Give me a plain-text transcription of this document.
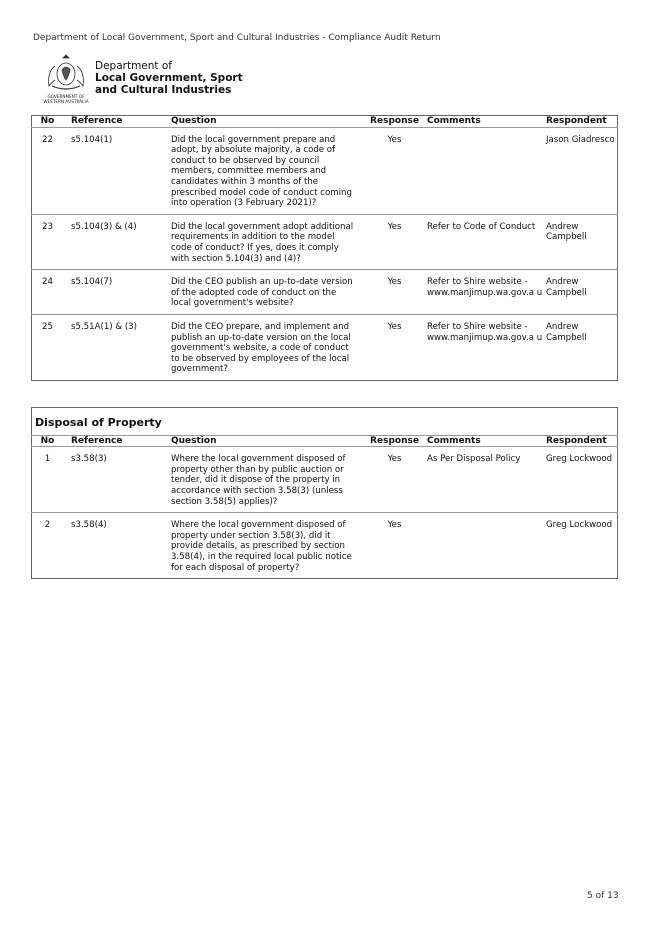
Department of Local Government, Sport and Cultural Industries - Compliance Audit Return
GOVERNMENT OF
WESTERN AUSTRALIA
Department of
Local Government, Sport
and Cultural Industries
No	Reference	Question	Response	Comments	Respondent
22	s5.104(1)	Did the local government prepare and adopt, by absolute majority, a code of conduct to be observed by council members, committee members and candidates within 3 months of the prescribed model code of conduct coming into operation (3 February 2021)?	Yes		Jason Giadresco
23	s5.104(3) & (4)	Did the local government adopt additional requirements in addition to the model code of conduct? If yes, does it comply with section 5.104(3) and (4)?	Yes	Refer to Code of Conduct	Andrew Campbell
24	s5.104(7)	Did the CEO publish an up-to-date version of the adopted code of conduct on the local government's website?	Yes	Refer to Shire website - www.manjimup.wa.gov.a u	Andrew Campbell
25	s5.51A(1) & (3)	Did the CEO prepare, and implement and publish an up-to-date version on the local government's website, a code of conduct to be observed by employees of the local government?	Yes	Refer to Shire website - www.manjimup.wa.gov.a u	Andrew Campbell
Disposal of Property					
No	Reference	Question	Response	Comments	Respondent
1	s3.58(3)	Where the local government disposed of property other than by public auction or tender, did it dispose of the property in accordance with section 3.58(3) (unless section 3.58(5) applies)?	Yes	As Per Disposal Policy	Greg Lockwood
2	s3.58(4)	Where the local government disposed of property under section 3.58(3), did it provide details, as prescribed by section 3.58(4), in the required local public notice for each disposal of property?	Yes		Greg Lockwood
5 of 13
